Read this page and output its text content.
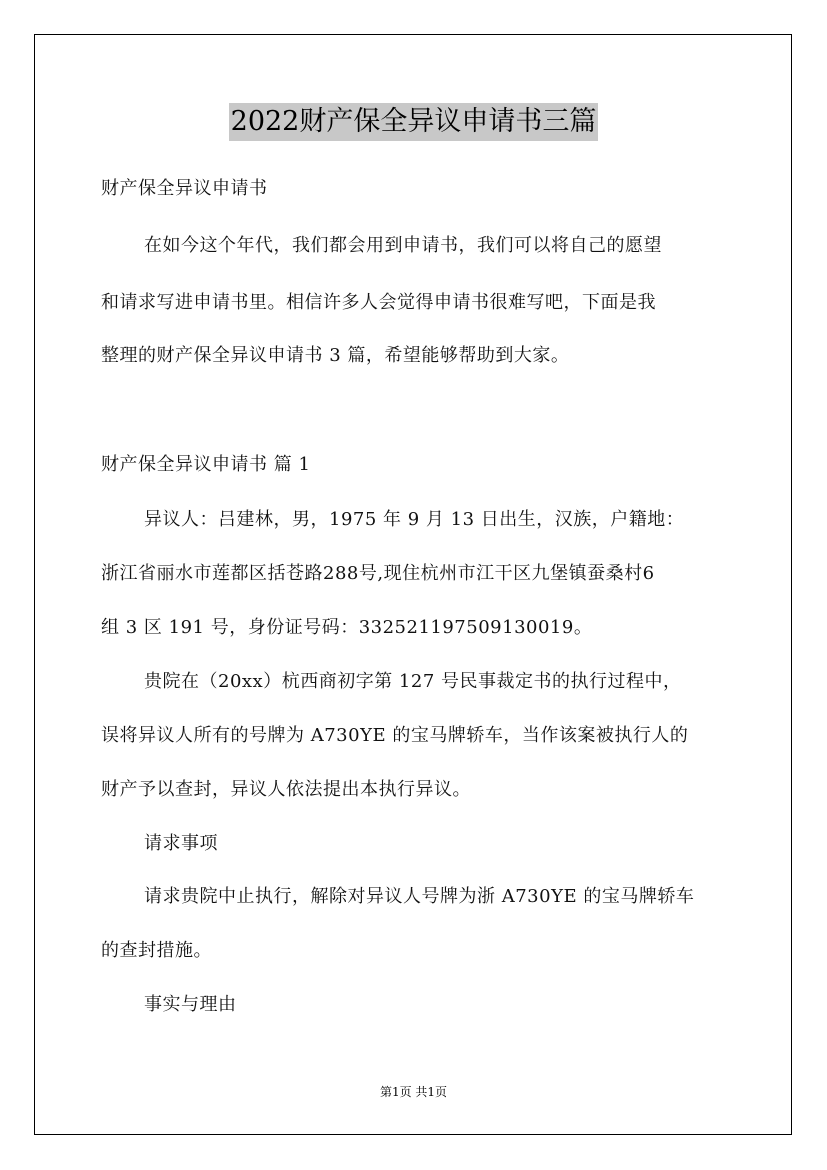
2022财产保全异议申请书三篇
财产保全异议申请书
在如今这个年代，我们都会用到申请书，我们可以将自己的愿望
和请求写进申请书里。相信许多人会觉得申请书很难写吧，下面是我
整理的财产保全异议申请书 3 篇，希望能够帮助到大家。
财产保全异议申请书 篇 1
异议人：吕建林，男，1975 年 9 月 13 日出生，汉族，户籍地：
浙江省丽水市莲都区括苍路288号,现住杭州市江干区九堡镇蚕桑村6
组 3 区 191 号，身份证号码：332521197509130019。
贵院在（20xx）杭西商初字第 127 号民事裁定书的执行过程中，
误将异议人所有的号牌为 A730YE 的宝马牌轿车，当作该案被执行人的
财产予以查封，异议人依法提出本执行异议。
请求事项
请求贵院中止执行，解除对异议人号牌为浙 A730YE 的宝马牌轿车
的查封措施。
事实与理由
第1页 共1页
